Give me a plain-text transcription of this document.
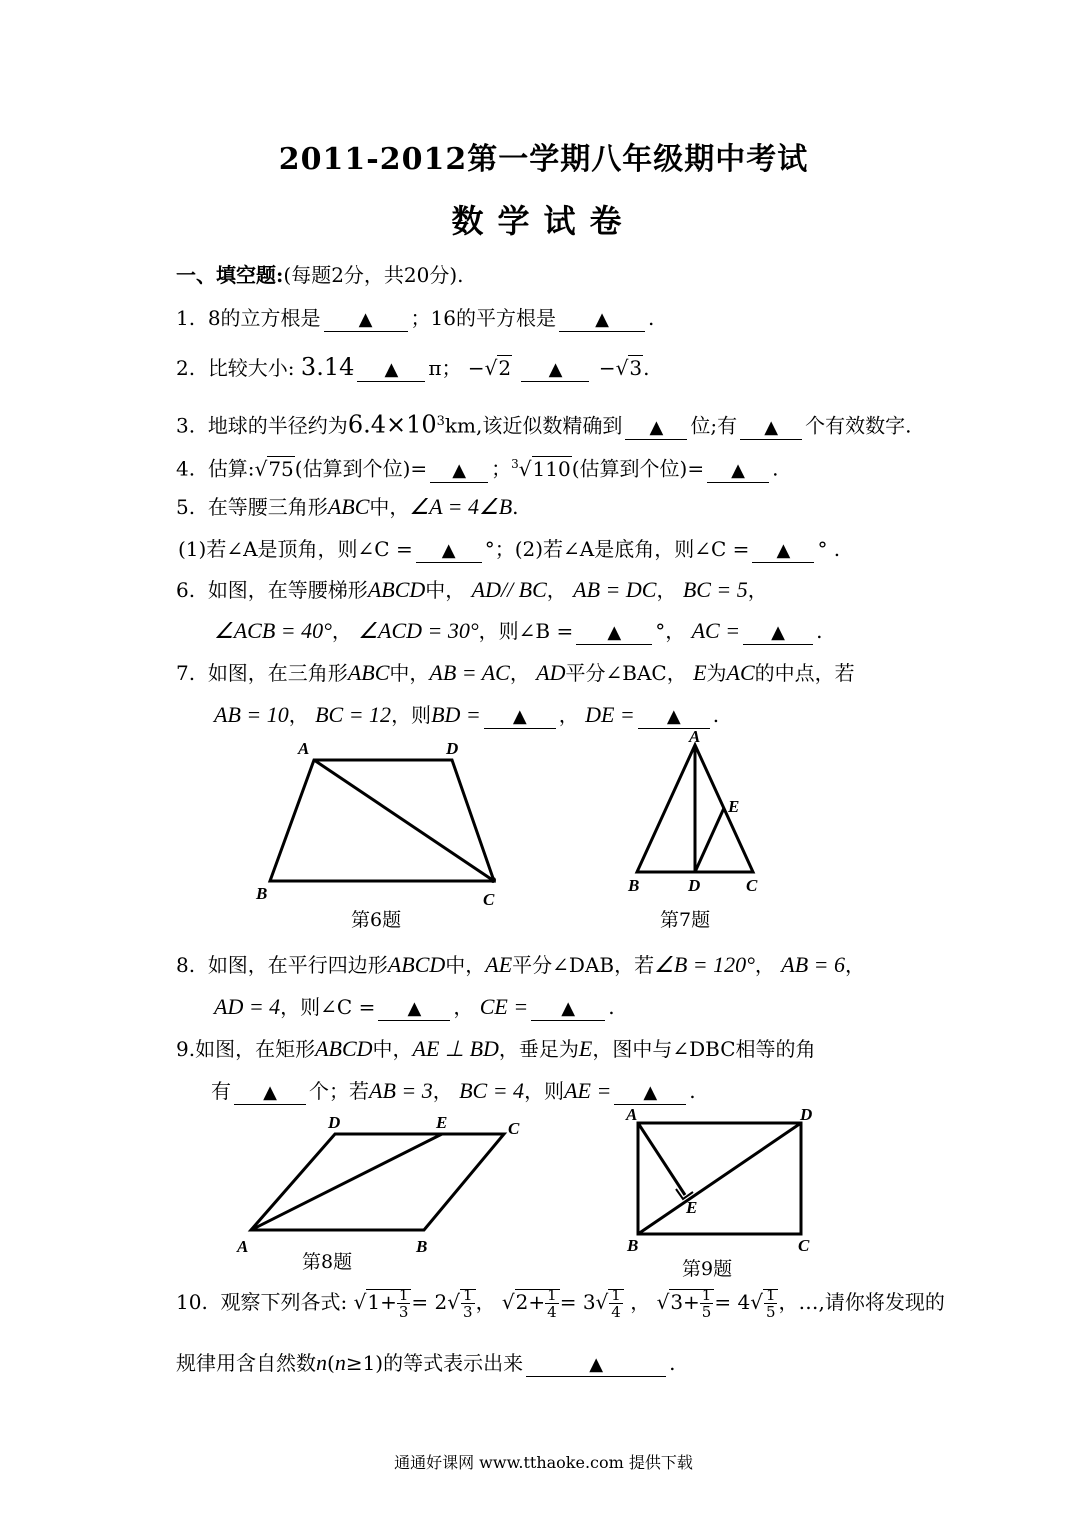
2011-2012第一学期八年级期中考试
数学试卷
一、填空题:(每题2分，共20分).
1. 8的立方根是 ▲ ；16的平方根是 ▲ .
2. 比较大小: 3.14 ▲ π； −√2 ▲ −√3.
3. 地球的半径约为$6.4\times 10^3km$,该近似数精确到 ▲ 位;有 ▲ 个有效数字.
4. 估算:√75(估算到个位)= ▲ ；$^3$√110(估算到个位)= ▲ .
5. 在等腰三角形ABC中，∠A = 4∠B.
(1)若∠A是顶角，则∠C = ▲ °；(2)若∠A是底角，则∠C = ▲ ° .
6. 如图，在等腰梯形ABCD中， AD// BC， AB = DC， BC = 5，
∠ACB = 40°， ∠ACD = 30°，则∠B = ▲ °， AC = ▲ .
7. 如图，在三角形ABC中，AB = AC， AD平分∠BAC， E为AC的中点，若
AB = 10， BC = 12，则BD = ▲ ， DE = ▲ .
A	D
B	C
第6题
A
E
B	D	C
第7题
8. 如图，在平行四边形ABCD中，AE平分∠DAB，若∠B = 120°， AB = 6，
AD = 4，则∠C = ▲ ， CE = ▲ .
9.如图，在矩形ABCD中，AE ⊥ BD，垂足为E，图中与∠DBC相等的角
有 ▲ 个；若AB = 3， BC = 4，则AE = ▲ .
D	E	C
A	B
第8题
A	D
E
B	C
第9题
10. 观察下列各式: $√1+ \frac{1}{3} = 2√ \frac{1}{3}$ ， $√2+ \frac{1}{4} = 3√ \frac{1}{4}$ ， $√3+ \frac{1}{5} = 4√ \frac{1}{5}$ ，…,请你将发现的
规律用含自然数n(n≥1)的等式表示出来	▲	.
通通好课网 www.tthaoke.com 提供下载
